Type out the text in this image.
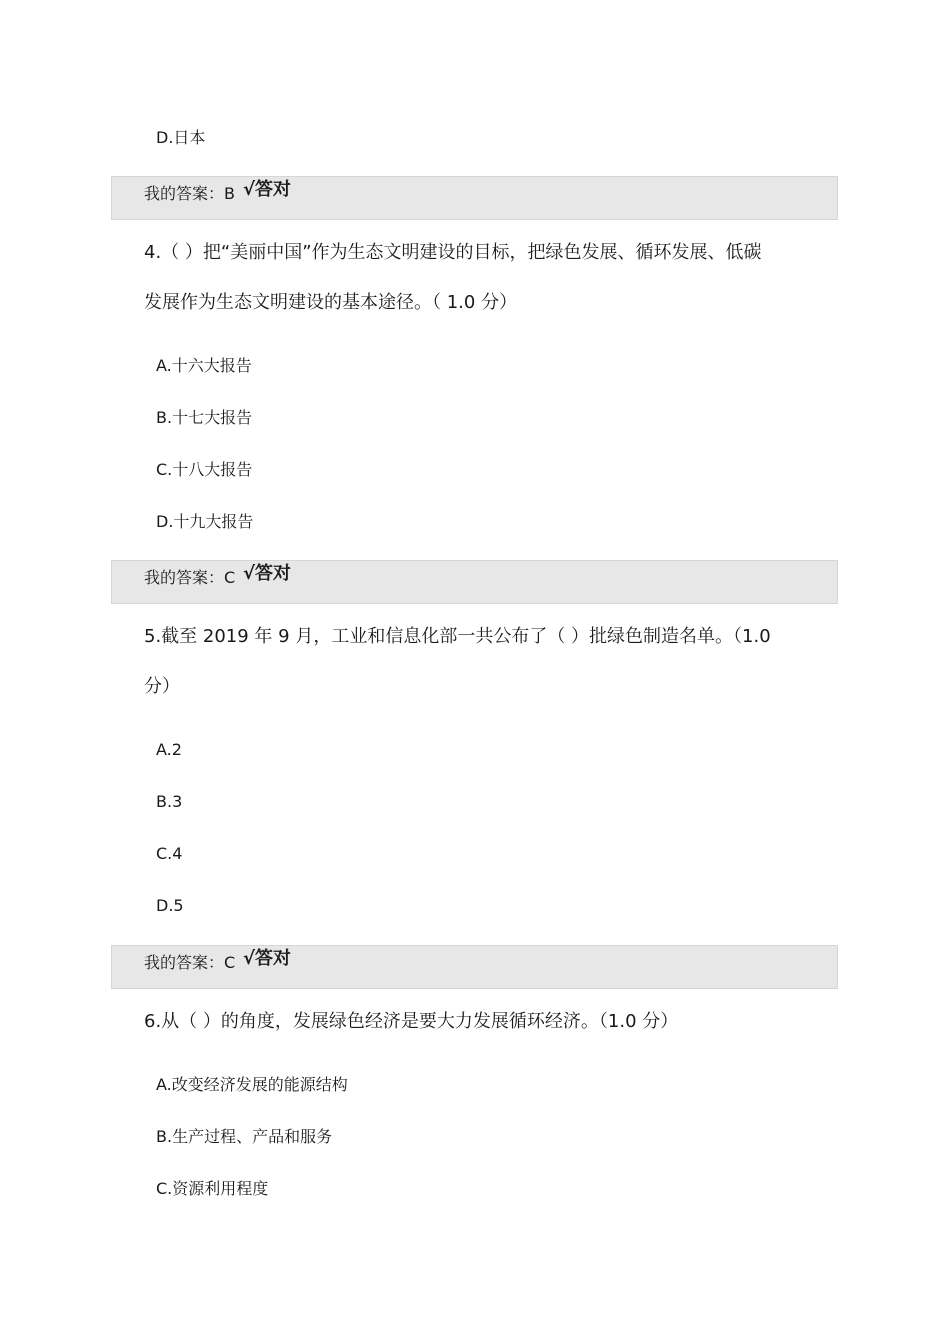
D.日本
我的答案：B √答对
4.（ ）把“美丽中国”作为生态文明建设的目标，把绿色发展、循环发展、低碳
发展作为生态文明建设的基本途径。（ 1.0 分）
A.十六大报告
B.十七大报告
C.十八大报告
D.十九大报告
我的答案：C √答对
5.截至 2019 年 9 月，工业和信息化部一共公布了（ ）批绿色制造名单。（1.0
分）
A.2
B.3
C.4
D.5
我的答案：C √答对
6.从（ ）的角度，发展绿色经济是要大力发展循环经济。（1.0 分）
A.改变经济发展的能源结构
B.生产过程、产品和服务
C.资源利用程度
